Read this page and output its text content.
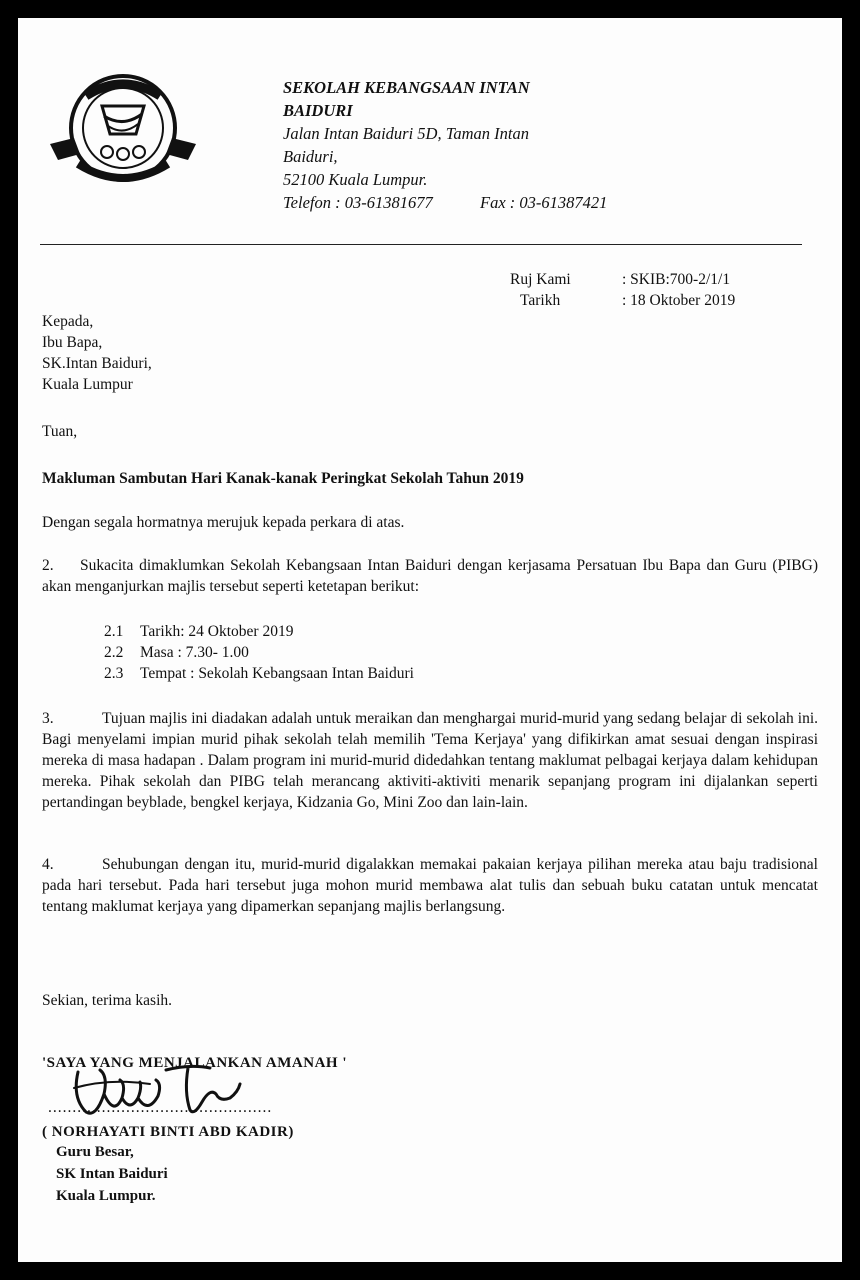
SEKOLAH KEBANGSAAN INTAN
BAIDURI
Jalan Intan Baiduri 5D, Taman Intan
Baiduri,
52100 Kuala Lumpur.
Telefon : 03-61381677	Fax : 03-61387421
Ruj Kami	: SKIB:700-2/1/1
Tarikh	: 18 Oktober 2019
Kepada,
Ibu Bapa,
SK.Intan Baiduri,
Kuala Lumpur
Tuan,
Makluman Sambutan Hari Kanak-kanak Peringkat Sekolah Tahun 2019
Dengan segala hormatnya merujuk kepada perkara di atas.

2. Sukacita dimaklumkan Sekolah Kebangsaan Intan Baiduri dengan kerjasama Persatuan Ibu Bapa dan Guru (PIBG) akan menganjurkan majlis tersebut seperti ketetapan berikut:

2.1 Tarikh: 24 Oktober 2019
2.2 Masa : 7.30- 1.00
2.3 Tempat : Sekolah Kebangsaan Intan Baiduri

3.	Tujuan majlis ini diadakan adalah untuk meraikan dan menghargai murid-murid yang sedang belajar di sekolah ini. Bagi menyelami impian murid pihak sekolah telah memilih 'Tema Kerjaya' yang difikirkan amat sesuai dengan inspirasi mereka di masa hadapan . Dalam program ini murid-murid didedahkan tentang maklumat pelbagai kerjaya dalam kehidupan mereka. Pihak sekolah dan PIBG telah merancang aktiviti-aktiviti menarik sepanjang program ini dijalankan seperti pertandingan beyblade, bengkel kerjaya, Kidzania Go, Mini Zoo dan lain-lain.

4.	Sehubungan dengan itu, murid-murid digalakkan memakai pakaian kerjaya pilihan mereka atau baju tradisional pada hari tersebut. Pada hari tersebut juga mohon murid membawa alat tulis dan sebuah buku catatan untuk mencatat tentang maklumat kerjaya yang dipamerkan sepanjang majlis berlangsung.

Sekian, terima kasih.
'SAYA YANG MENJALANKAN AMANAH '
..............................................
( NORHAYATI BINTI ABD KADIR)
Guru Besar,
SK Intan Baiduri
Kuala Lumpur.
